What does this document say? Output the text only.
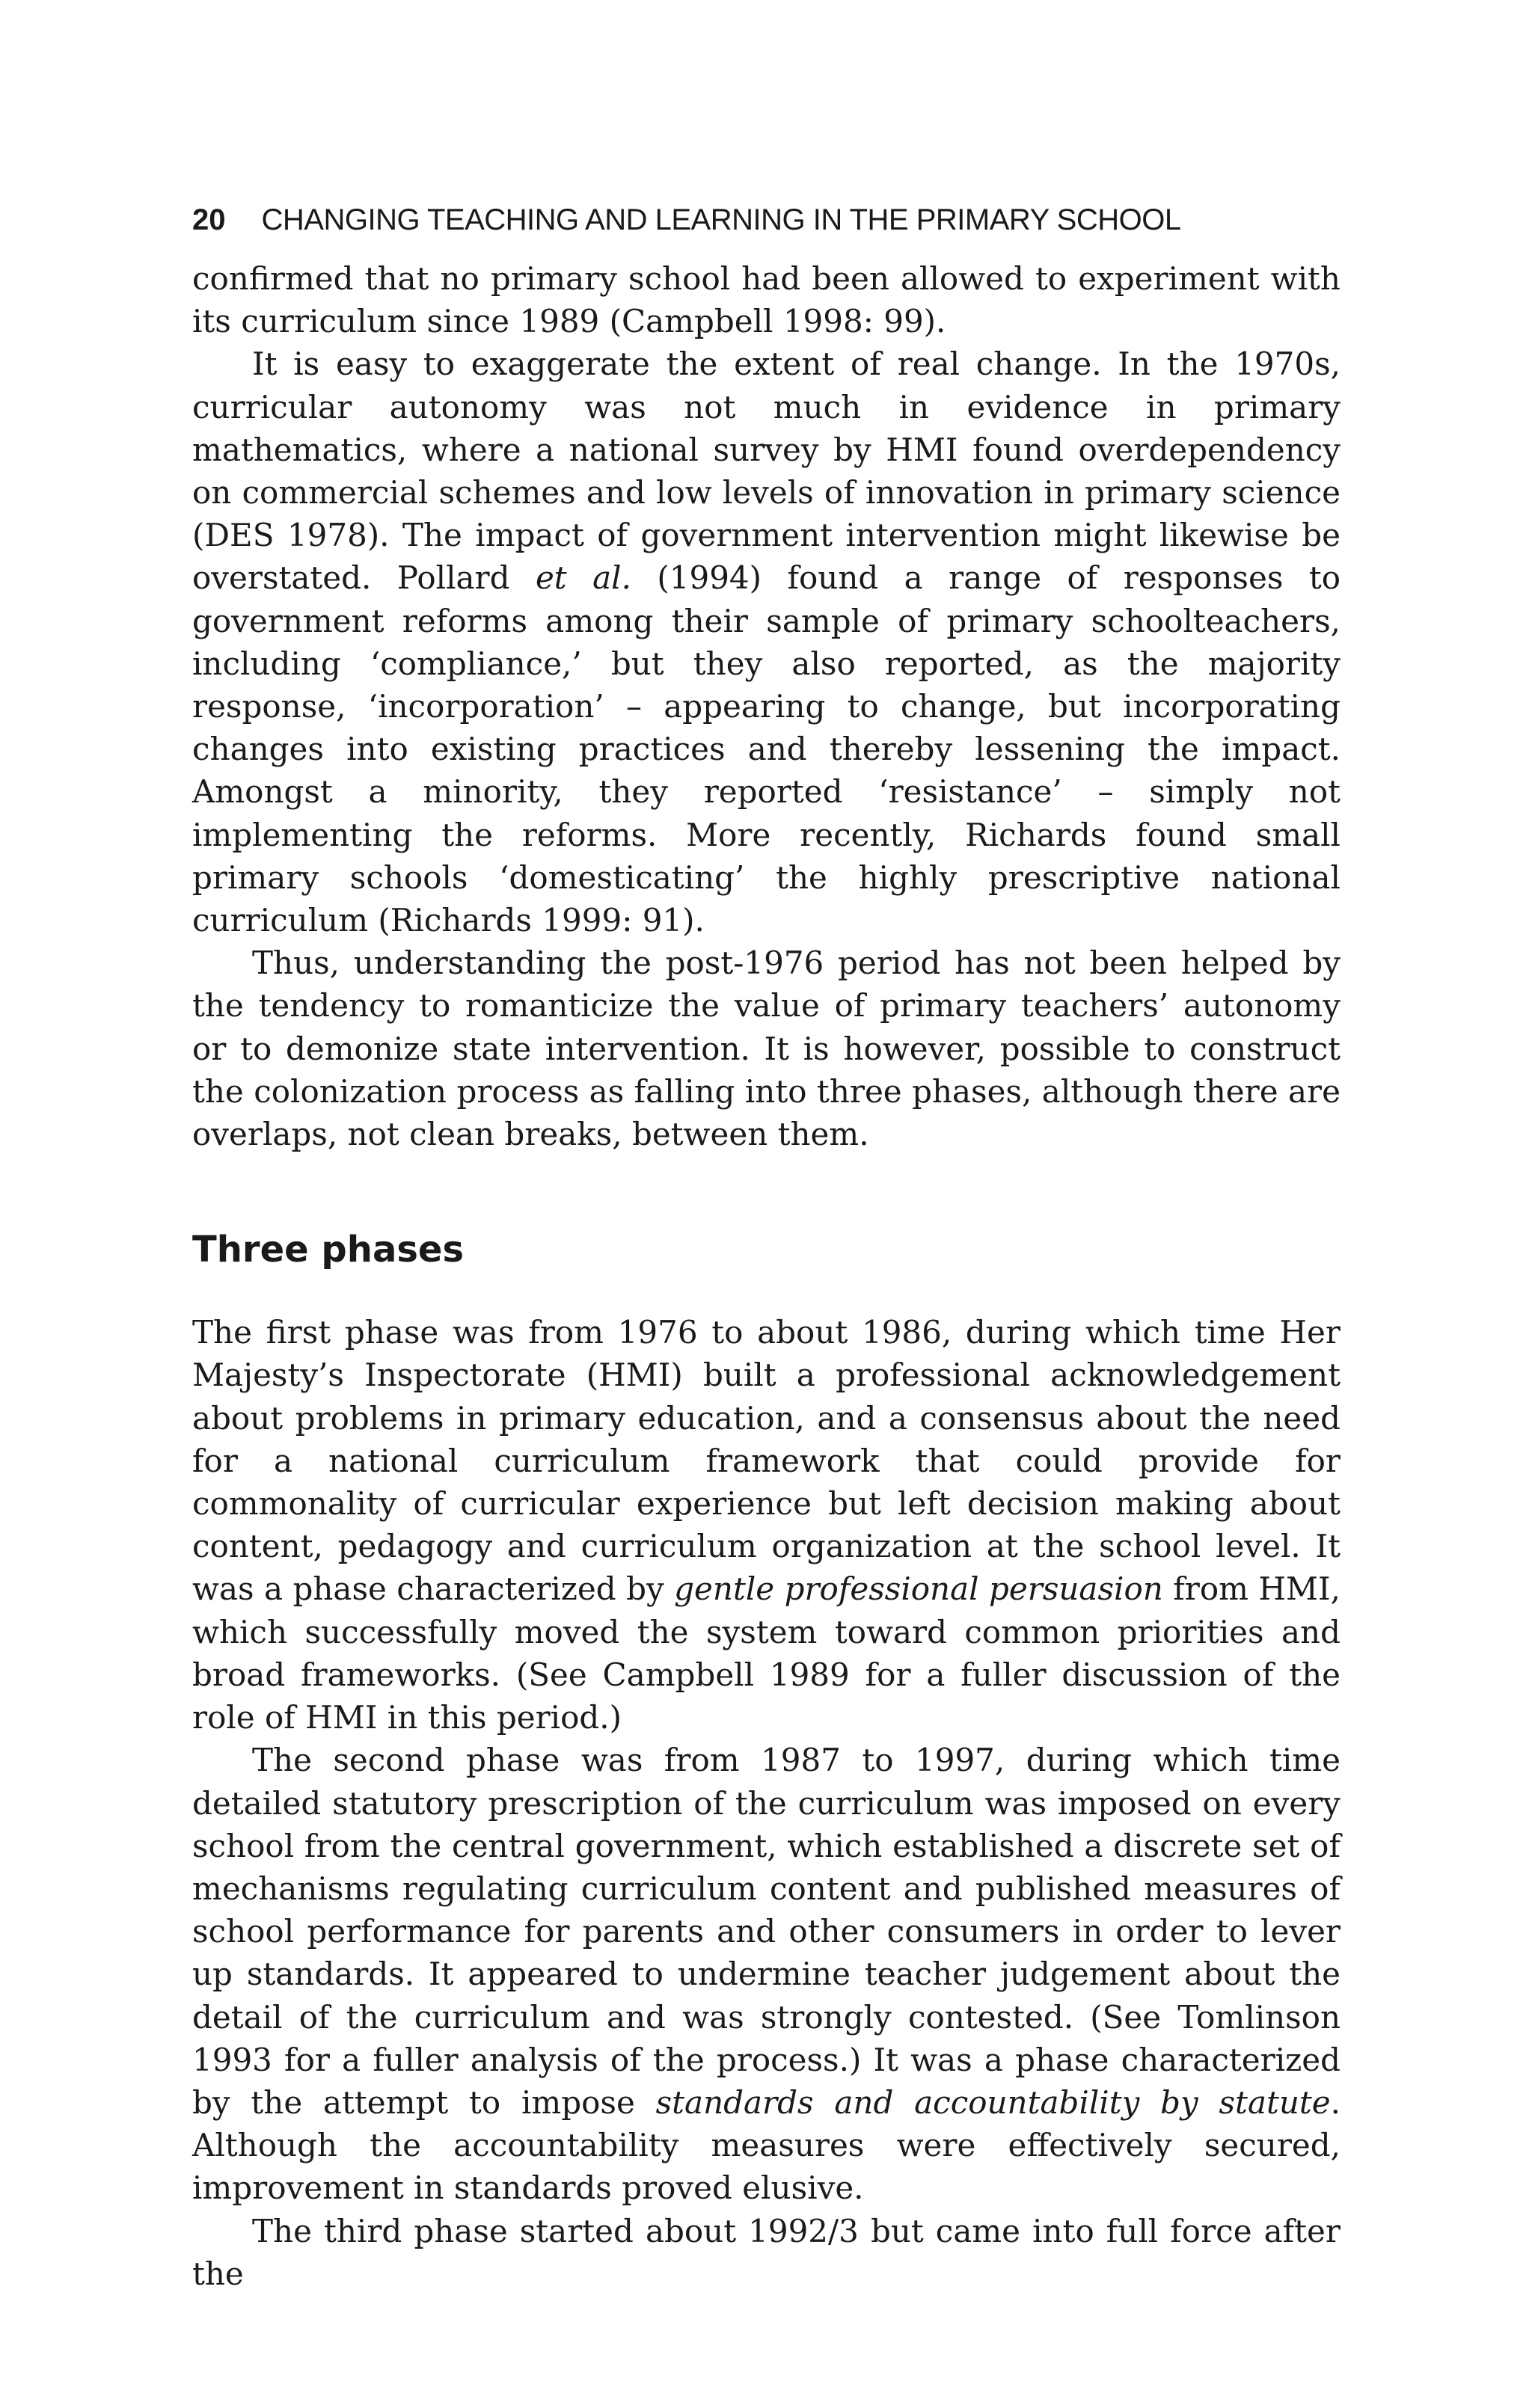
20 CHANGING TEACHING AND LEARNING IN THE PRIMARY SCHOOL

confirmed that no primary school had been allowed to experiment with its curriculum since 1989 (Campbell 1998: 99).

It is easy to exaggerate the extent of real change. In the 1970s, curricular autonomy was not much in evidence in primary mathematics, where a national survey by HMI found overdependency on commercial schemes and low levels of innovation in primary science (DES 1978). The impact of government intervention might likewise be overstated. Pollard et al. (1994) found a range of responses to government reforms among their sample of primary schoolteachers, including ‘compliance,’ but they also reported, as the majority response, ‘incorporation’ – appearing to change, but incorporating changes into existing practices and thereby lessening the impact. Amongst a minority, they reported ‘resistance’ – simply not implementing the reforms. More recently, Richards found small primary schools ‘domesticating’ the highly prescriptive national curriculum (Richards 1999: 91).

Thus, understanding the post-1976 period has not been helped by the tendency to romanticize the value of primary teachers’ autonomy or to demonize state intervention. It is however, possible to construct the colonization process as falling into three phases, although there are overlaps, not clean breaks, between them.

Three phases

The first phase was from 1976 to about 1986, during which time Her Majesty’s Inspectorate (HMI) built a professional acknowledgement about problems in primary education, and a consensus about the need for a national curriculum framework that could provide for commonality of curricular experience but left decision making about content, pedagogy and curriculum organization at the school level. It was a phase characterized by gentle professional persuasion from HMI, which successfully moved the system toward common priorities and broad frameworks. (See Campbell 1989 for a fuller discussion of the role of HMI in this period.)

The second phase was from 1987 to 1997, during which time detailed statutory prescription of the curriculum was imposed on every school from the central government, which established a discrete set of mechanisms regulating curriculum content and published measures of school performance for parents and other consumers in order to lever up standards. It appeared to undermine teacher judgement about the detail of the curriculum and was strongly contested. (See Tomlinson 1993 for a fuller analysis of the process.) It was a phase characterized by the attempt to impose standards and accountability by statute. Although the accountability measures were effectively secured, improvement in standards proved elusive.

The third phase started about 1992/3 but came into full force after the
